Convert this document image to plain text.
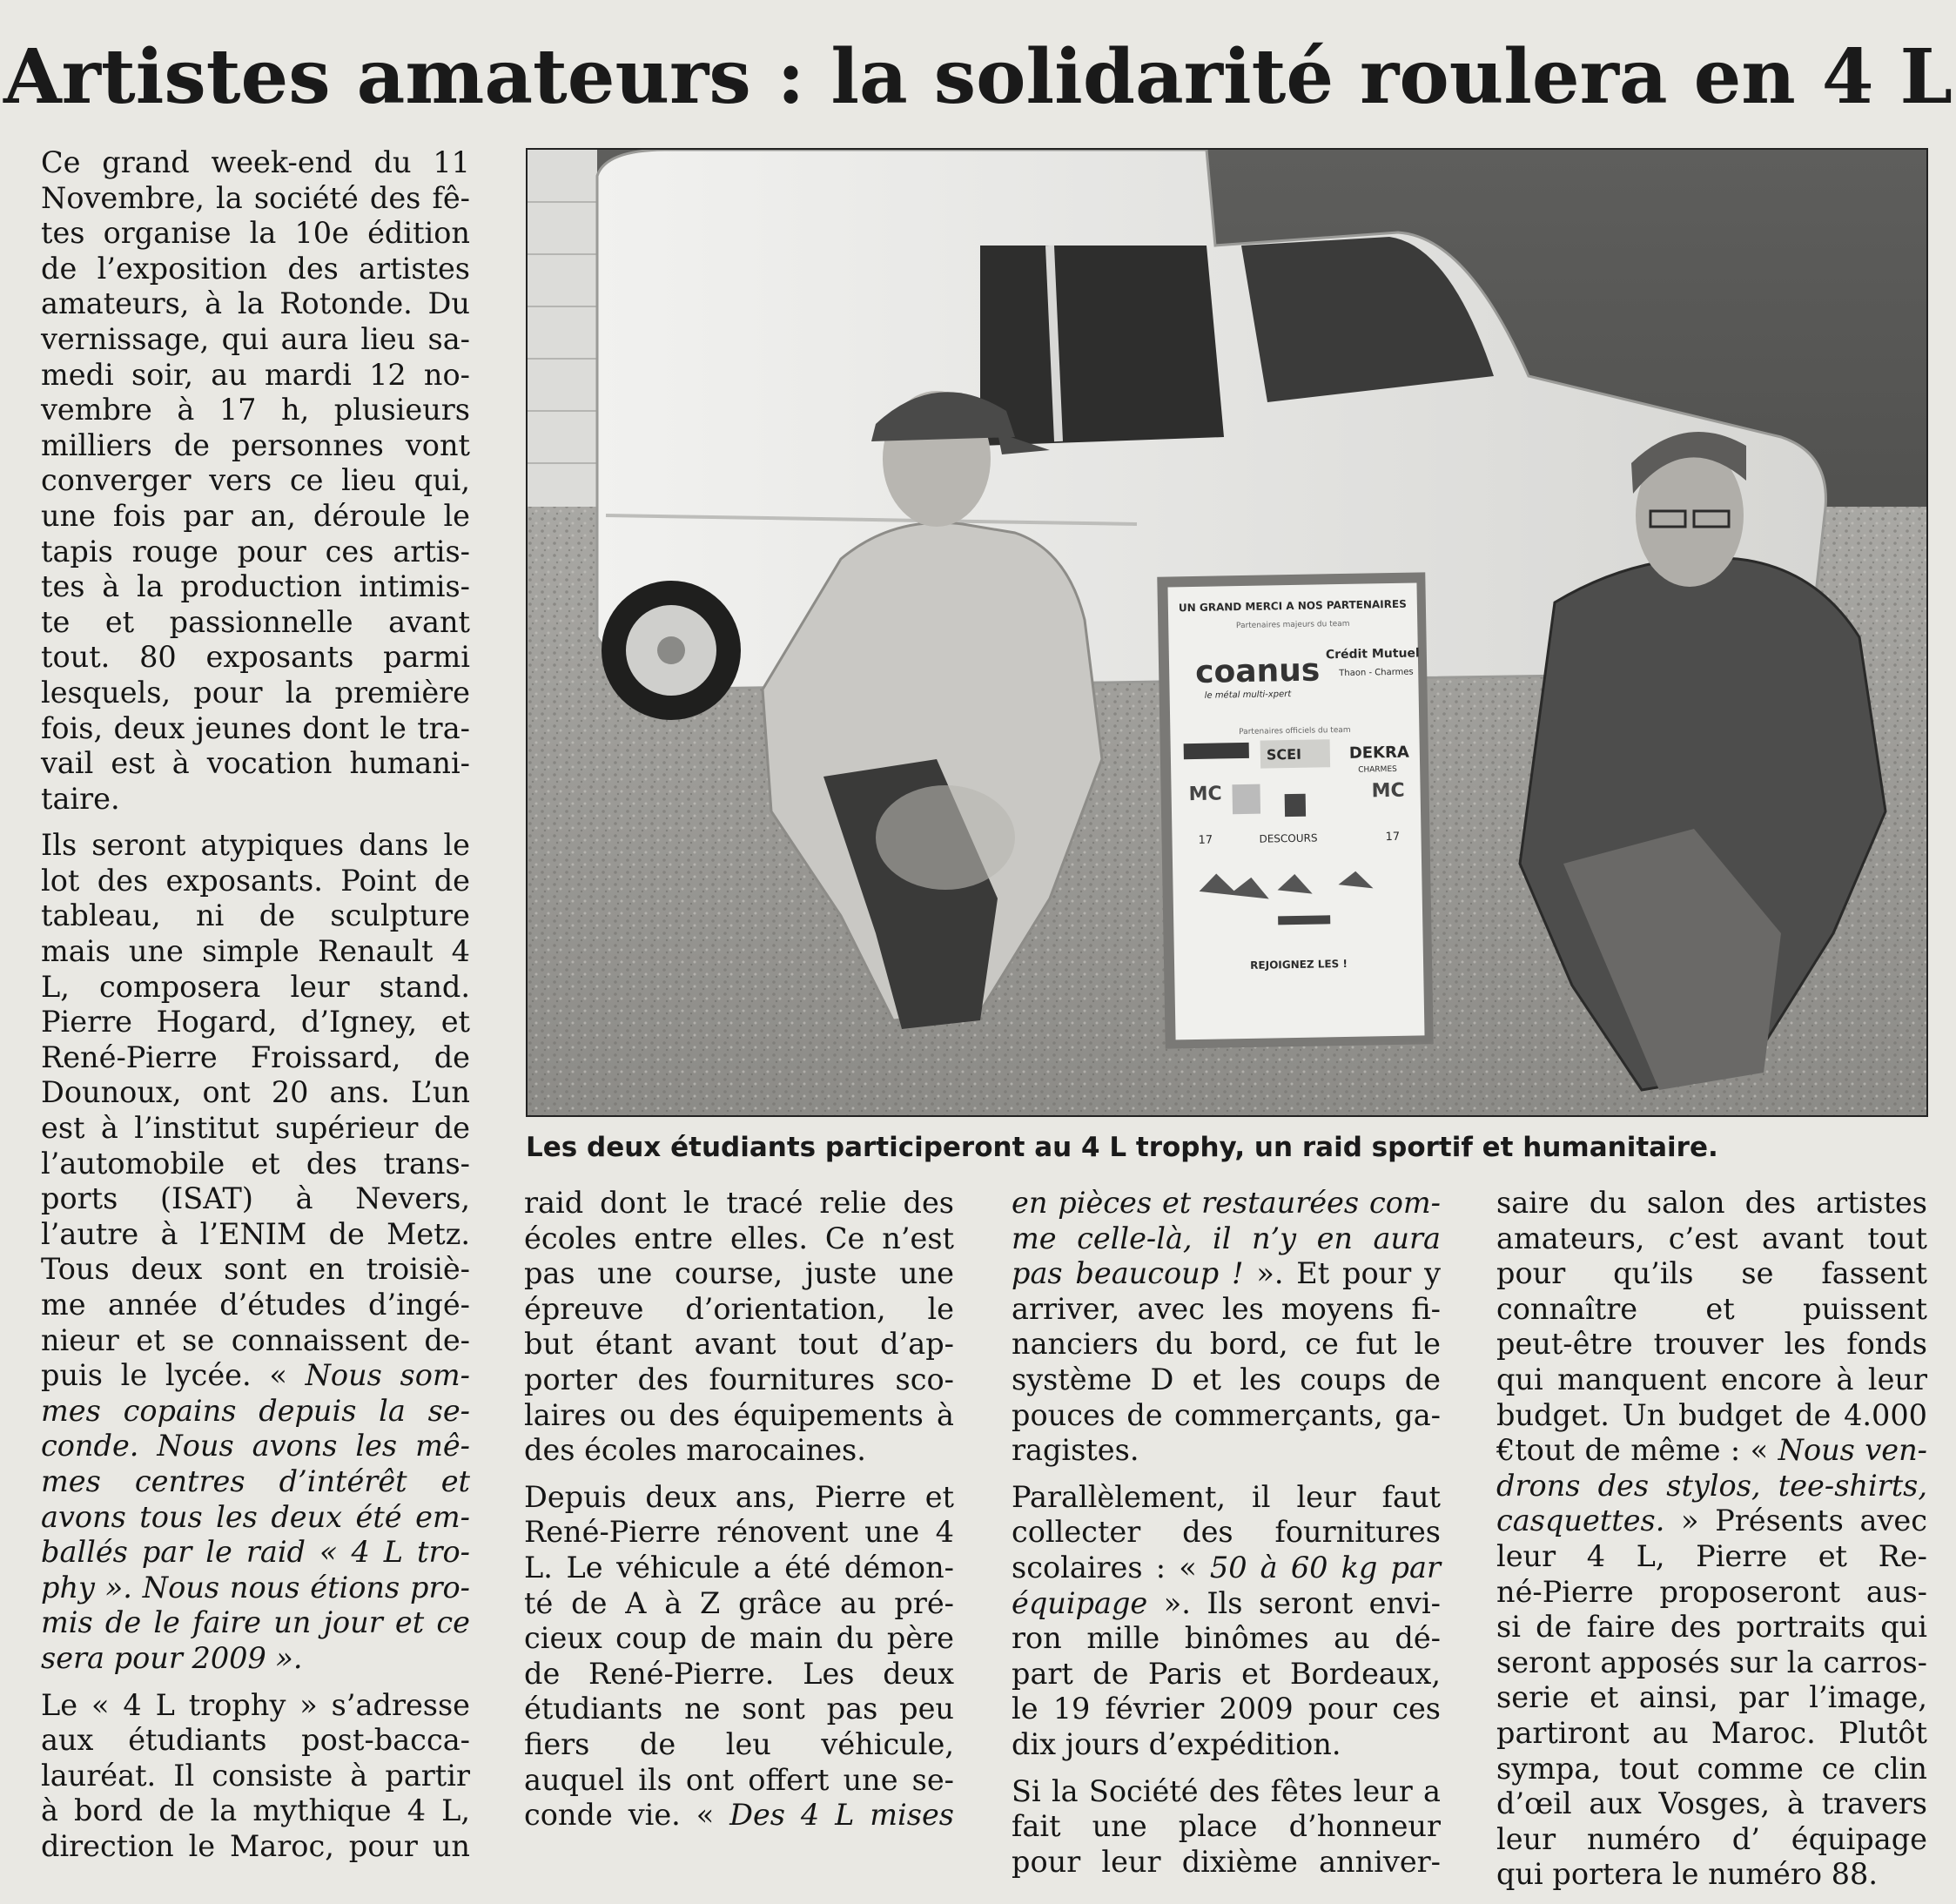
Artistes amateurs : la solidarité roulera en 4 L

Ce grand week-end du 11
Novembre, la société des fê-
tes organise la 10e édition
de l’exposition des artistes
amateurs, à la Rotonde. Du
vernissage, qui aura lieu sa-
medi soir, au mardi 12 no-
vembre à 17 h, plusieurs
milliers de personnes vont
converger vers ce lieu qui,
une fois par an, déroule le
tapis rouge pour ces artis-
tes à la production intimis-
te et passionnelle avant
tout. 80 exposants parmi
lesquels, pour la première
fois, deux jeunes dont le tra-
vail est à vocation humani-
taire.

Ils seront atypiques dans le
lot des exposants. Point de
tableau, ni de sculpture
mais une simple Renault 4
L, composera leur stand.
Pierre Hogard, d’Igney, et
René-Pierre Froissard, de
Dounoux, ont 20 ans. L’un
est à l’institut supérieur de
l’automobile et des trans-
ports (ISAT) à Nevers,
l’autre à l’ENIM de Metz.
Tous deux sont en troisiè-
me année d’études d’ingé-
nieur et se connaissent de-
puis le lycée. « Nous som-
mes copains depuis la se-
conde. Nous avons les mê-
mes centres d’intérêt et
avons tous les deux été em-
ballés par le raid « 4 L tro-
phy ». Nous nous étions pro-
mis de le faire un jour et ce
sera pour 2009 ».

Le « 4 L trophy » s’adresse
aux étudiants post-bacca-
lauréat. Il consiste à partir
à bord de la mythique 4 L,
direction le Maroc, pour un

UN GRAND MERCI A NOS PARTENAIRES
Partenaires majeurs du team
coanus
le métal multi-xpert
Crédit Mutuel
Thaon - Charmes
Partenaires officiels du team
SCEI	DEKRA
CHARMES
MC	MC
17	DESCOURS	17
REJOIGNEZ LES !
Les deux étudiants participeront au 4 L trophy, un raid sportif et humanitaire.

raid dont le tracé relie des
écoles entre elles. Ce n’est
pas une course, juste une
épreuve d’orientation, le
but étant avant tout d’ap-
porter des fournitures sco-
laires ou des équipements à
des écoles marocaines.

Depuis deux ans, Pierre et
René-Pierre rénovent une 4
L. Le véhicule a été démon-
té de A à Z grâce au pré-
cieux coup de main du père
de René-Pierre. Les deux
étudiants ne sont pas peu
fiers de leu véhicule,
auquel ils ont offert une se-
conde vie. « Des 4 L mises

en pièces et restaurées com-
me celle-là, il n’y en aura
pas beaucoup ! ». Et pour y
arriver, avec les moyens fi-
nanciers du bord, ce fut le
système D et les coups de
pouces de commerçants, ga-
ragistes.

Parallèlement, il leur faut
collecter des fournitures
scolaires : « 50 à 60 kg par
équipage ». Ils seront envi-
ron mille binômes au dé-
part de Paris et Bordeaux,
le 19 février 2009 pour ces
dix jours d’expédition.

Si la Société des fêtes leur a
fait une place d’honneur
pour leur dixième anniver-

saire du salon des artistes
amateurs, c’est avant tout
pour qu’ils se fassent
connaître et puissent
peut-être trouver les fonds
qui manquent encore à leur
budget. Un budget de 4.000
€tout de même : « Nous ven-
drons des stylos, tee-shirts,
casquettes. » Présents avec
leur 4 L, Pierre et Re-
né-Pierre proposeront aus-
si de faire des portraits qui
seront apposés sur la carros-
serie et ainsi, par l’image,
partiront au Maroc. Plutôt
sympa, tout comme ce clin
d’œil aux Vosges, à travers
leur numéro d’ équipage
qui portera le numéro 88.
